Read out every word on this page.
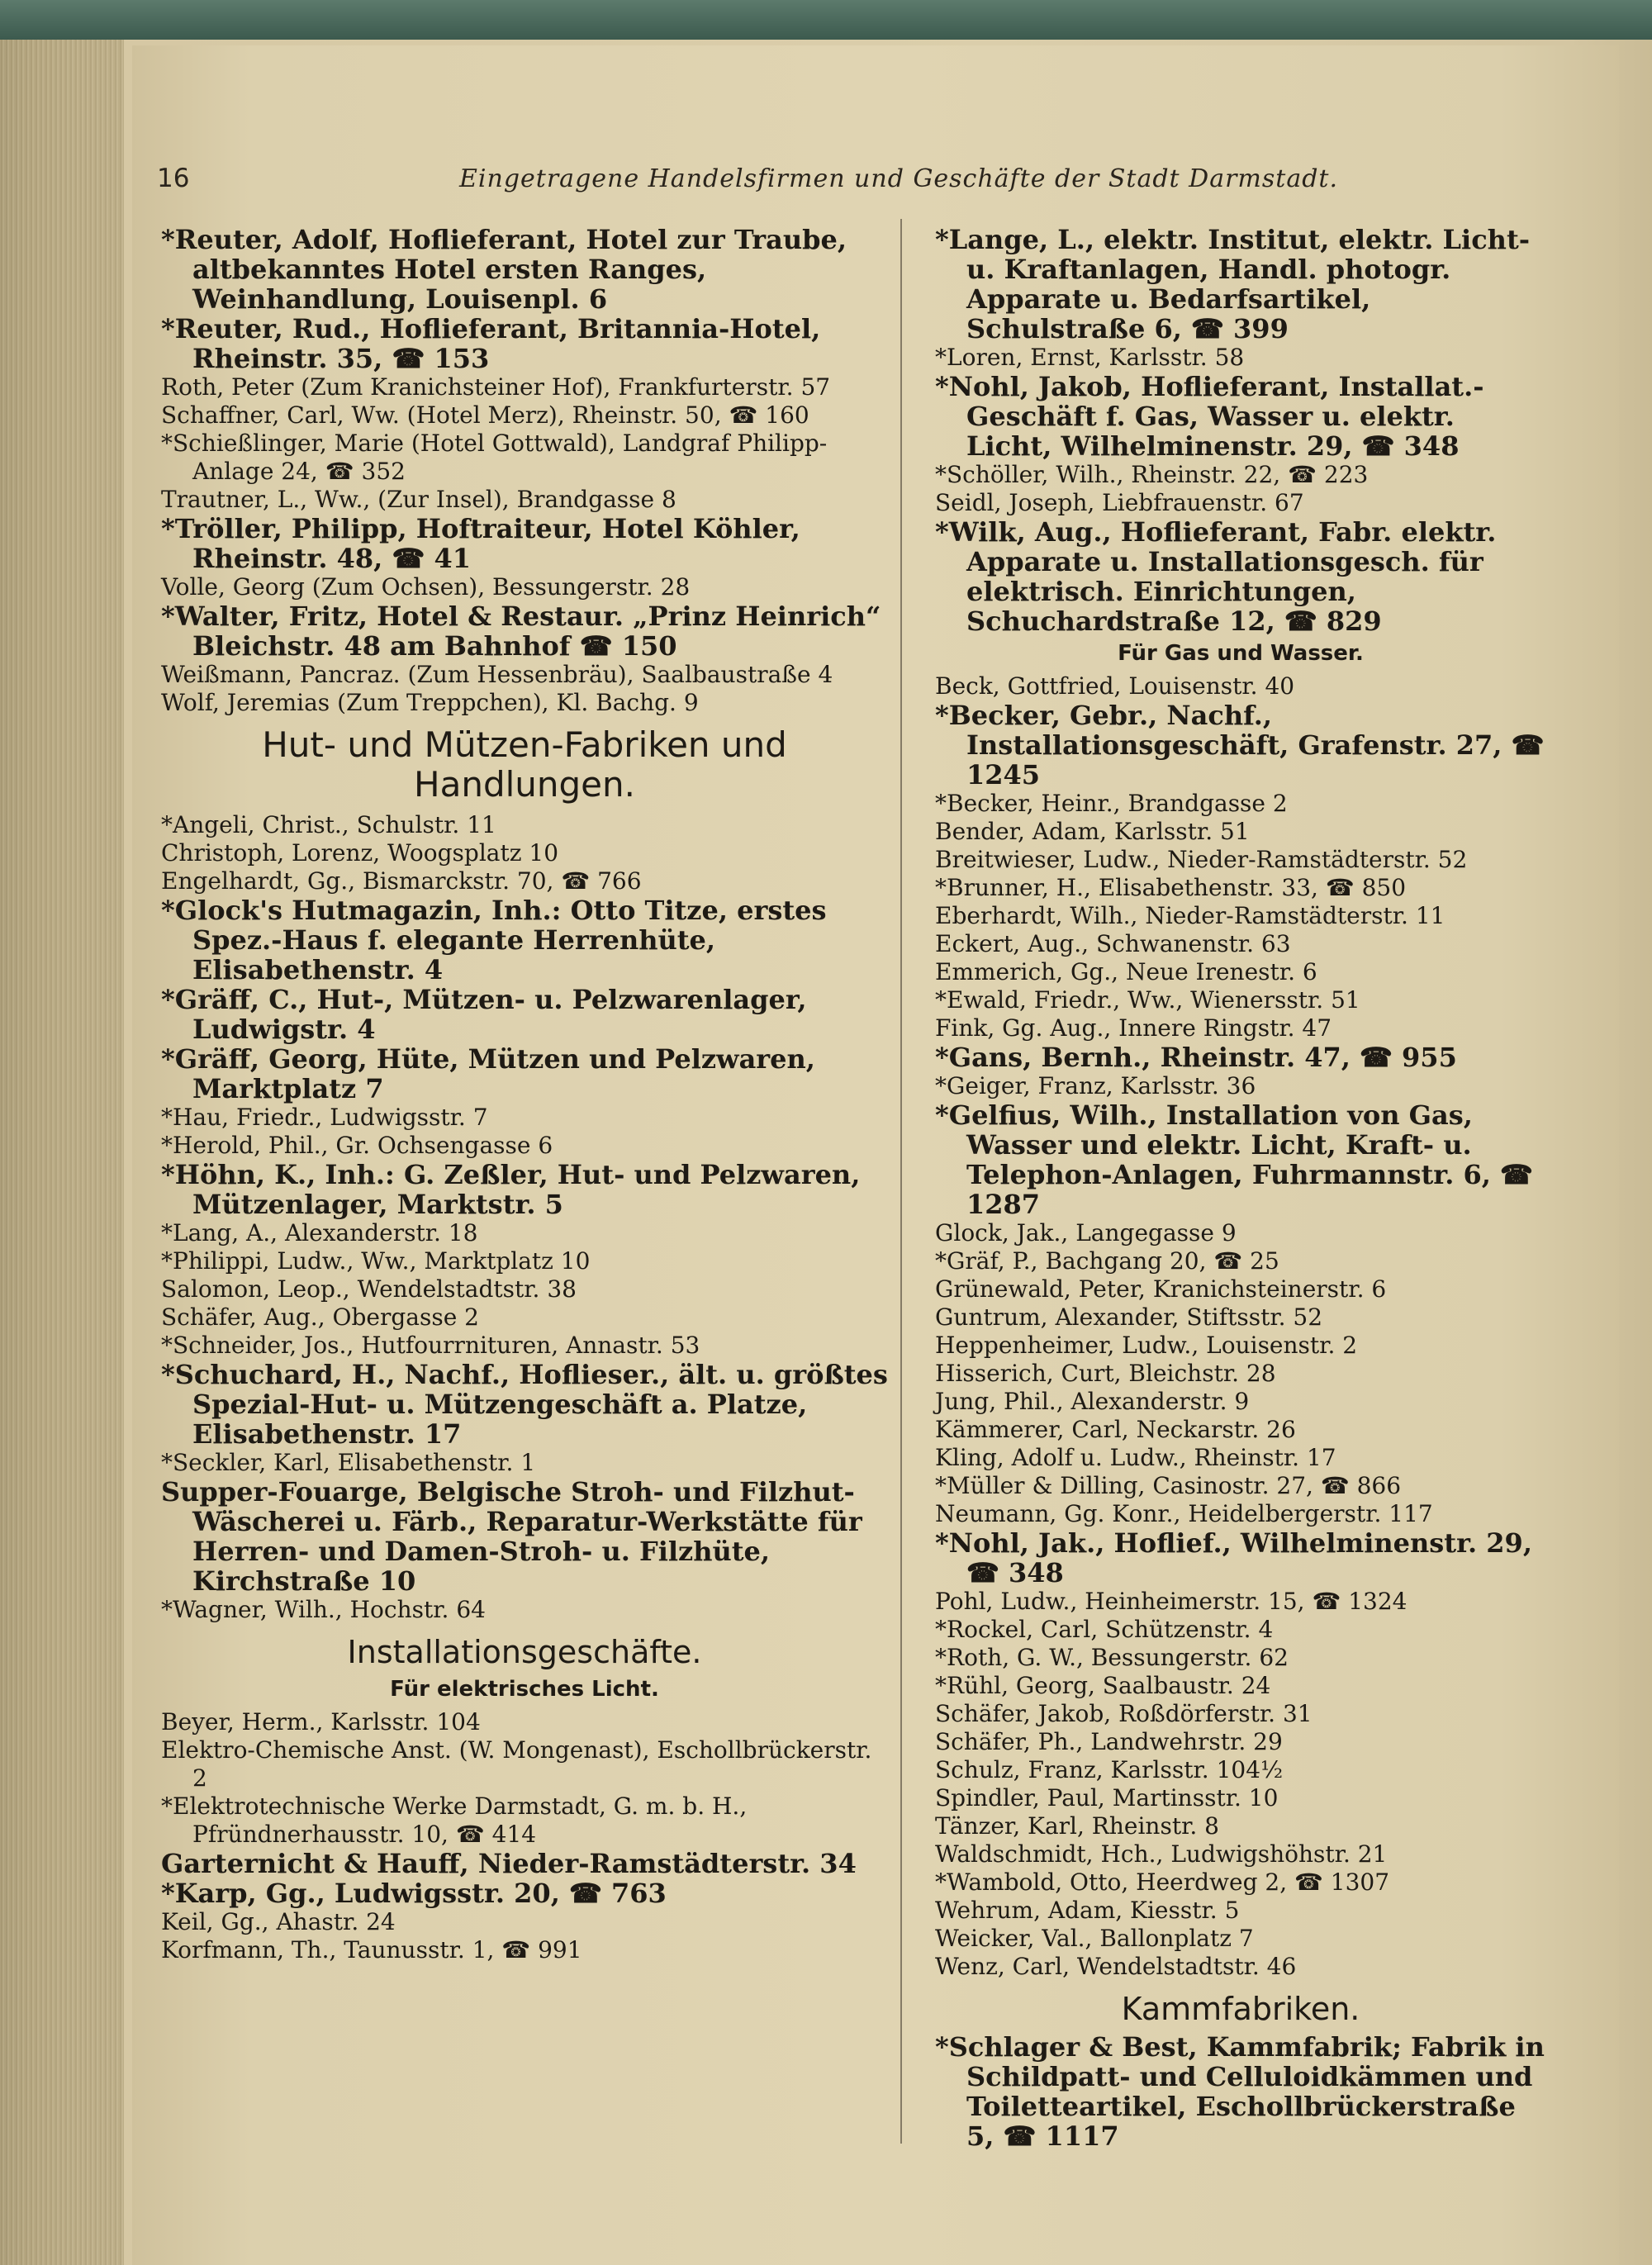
16	Eingetragene Handelsfirmen und Geschäfte der Stadt Darmstadt.
*Reuter, Adolf, Hoflieferant, Hotel zur Traube, altbekanntes Hotel ersten Ranges, Weinhandlung, Louisenpl. 6
*Reuter, Rud., Hoflieferant, Britannia-Hotel, Rheinstr. 35, ☎ 153
Roth, Peter (Zum Kranichsteiner Hof), Frankfurterstr. 57
Schaffner, Carl, Ww. (Hotel Merz), Rheinstr. 50, ☎ 160
*Schießlinger, Marie (Hotel Gottwald), Landgraf Philipp-Anlage 24, ☎ 352
Trautner, L., Ww., (Zur Insel), Brandgasse 8
*Tröller, Philipp, Hoftraiteur, Hotel Köhler, Rheinstr. 48, ☎ 41
Volle, Georg (Zum Ochsen), Bessungerstr. 28
*Walter, Fritz, Hotel & Restaur. „Prinz Heinrich“ Bleichstr. 48 am Bahnhof ☎ 150
Weißmann, Pancraz. (Zum Hessenbräu), Saalbaustraße 4
Wolf, Jeremias (Zum Treppchen), Kl. Bachg. 9
Hut- und Mützen-Fabriken und Handlungen.
*Angeli, Christ., Schulstr. 11
Christoph, Lorenz, Woogsplatz 10
Engelhardt, Gg., Bismarckstr. 70, ☎ 766
*Glock's Hutmagazin, Inh.: Otto Titze, erstes Spez.-Haus f. elegante Herrenhüte, Elisabethenstr. 4
*Gräff, C., Hut-, Mützen- u. Pelzwarenlager, Ludwigstr. 4
*Gräff, Georg, Hüte, Mützen und Pelzwaren, Marktplatz 7
*Hau, Friedr., Ludwigsstr. 7
*Herold, Phil., Gr. Ochsengasse 6
*Höhn, K., Inh.: G. Zeßler, Hut- und Pelzwaren, Mützenlager, Marktstr. 5
*Lang, A., Alexanderstr. 18
*Philippi, Ludw., Ww., Marktplatz 10
Salomon, Leop., Wendelstadtstr. 38
Schäfer, Aug., Obergasse 2
*Schneider, Jos., Hutfourrnituren, Annastr. 53
*Schuchard, H., Nachf., Hoflieser., ält. u. größtes Spezial-Hut- u. Mützengeschäft a. Platze, Elisabethenstr. 17
*Seckler, Karl, Elisabethenstr. 1
Supper-Fouarge, Belgische Stroh- und Filzhut-Wäscherei u. Färb., Reparatur-Werkstätte für Herren- und Damen-Stroh- u. Filzhüte, Kirchstraße 10
*Wagner, Wilh., Hochstr. 64
Installationsgeschäfte.
Für elektrisches Licht.
Beyer, Herm., Karlsstr. 104
Elektro-Chemische Anst. (W. Mongenast), Eschollbrückerstr. 2
*Elektrotechnische Werke Darmstadt, G. m. b. H., Pfründnerhausstr. 10, ☎ 414
Garternicht & Hauff, Nieder-Ramstädterstr. 34
*Karp, Gg., Ludwigsstr. 20, ☎ 763
Keil, Gg., Ahastr. 24
Korfmann, Th., Taunusstr. 1, ☎ 991
*Lange, L., elektr. Institut, elektr. Licht- u. Kraftanlagen, Handl. photogr. Apparate u. Bedarfsartikel, Schulstraße 6, ☎ 399
*Loren, Ernst, Karlsstr. 58
*Nohl, Jakob, Hoflieferant, Installat.-Geschäft f. Gas, Wasser u. elektr. Licht, Wilhelminenstr. 29, ☎ 348
*Schöller, Wilh., Rheinstr. 22, ☎ 223
Seidl, Joseph, Liebfrauenstr. 67
*Wilk, Aug., Hoflieferant, Fabr. elektr. Apparate u. Installationsgesch. für elektrisch. Einrichtungen, Schuchardstraße 12, ☎ 829
Für Gas und Wasser.
Beck, Gottfried, Louisenstr. 40
*Becker, Gebr., Nachf., Installationsgeschäft, Grafenstr. 27, ☎ 1245
*Becker, Heinr., Brandgasse 2
Bender, Adam, Karlsstr. 51
Breitwieser, Ludw., Nieder-Ramstädterstr. 52
*Brunner, H., Elisabethenstr. 33, ☎ 850
Eberhardt, Wilh., Nieder-Ramstädterstr. 11
Eckert, Aug., Schwanenstr. 63
Emmerich, Gg., Neue Irenestr. 6
*Ewald, Friedr., Ww., Wienersstr. 51
Fink, Gg. Aug., Innere Ringstr. 47
*Gans, Bernh., Rheinstr. 47, ☎ 955
*Geiger, Franz, Karlsstr. 36
*Gelfius, Wilh., Installation von Gas, Wasser und elektr. Licht, Kraft- u. Telephon-Anlagen, Fuhrmannstr. 6, ☎ 1287
Glock, Jak., Langegasse 9
*Gräf, P., Bachgang 20, ☎ 25
Grünewald, Peter, Kranichsteinerstr. 6
Guntrum, Alexander, Stiftsstr. 52
Heppenheimer, Ludw., Louisenstr. 2
Hisserich, Curt, Bleichstr. 28
Jung, Phil., Alexanderstr. 9
Kämmerer, Carl, Neckarstr. 26
Kling, Adolf u. Ludw., Rheinstr. 17
*Müller & Dilling, Casinostr. 27, ☎ 866
Neumann, Gg. Konr., Heidelbergerstr. 117
*Nohl, Jak., Hoflief., Wilhelminenstr. 29, ☎ 348
Pohl, Ludw., Heinheimerstr. 15, ☎ 1324
*Rockel, Carl, Schützenstr. 4
*Roth, G. W., Bessungerstr. 62
*Rühl, Georg, Saalbaustr. 24
Schäfer, Jakob, Roßdörferstr. 31
Schäfer, Ph., Landwehrstr. 29
Schulz, Franz, Karlsstr. 104½
Spindler, Paul, Martinsstr. 10
Tänzer, Karl, Rheinstr. 8
Waldschmidt, Hch., Ludwigshöhstr. 21
*Wambold, Otto, Heerdweg 2, ☎ 1307
Wehrum, Adam, Kiesstr. 5
Weicker, Val., Ballonplatz 7
Wenz, Carl, Wendelstadtstr. 46
Kammfabriken.
*Schlager & Best, Kammfabrik; Fabrik in Schildpatt- und Celluloidkämmen und Toiletteartikel, Eschollbrückerstraße 5, ☎ 1117
